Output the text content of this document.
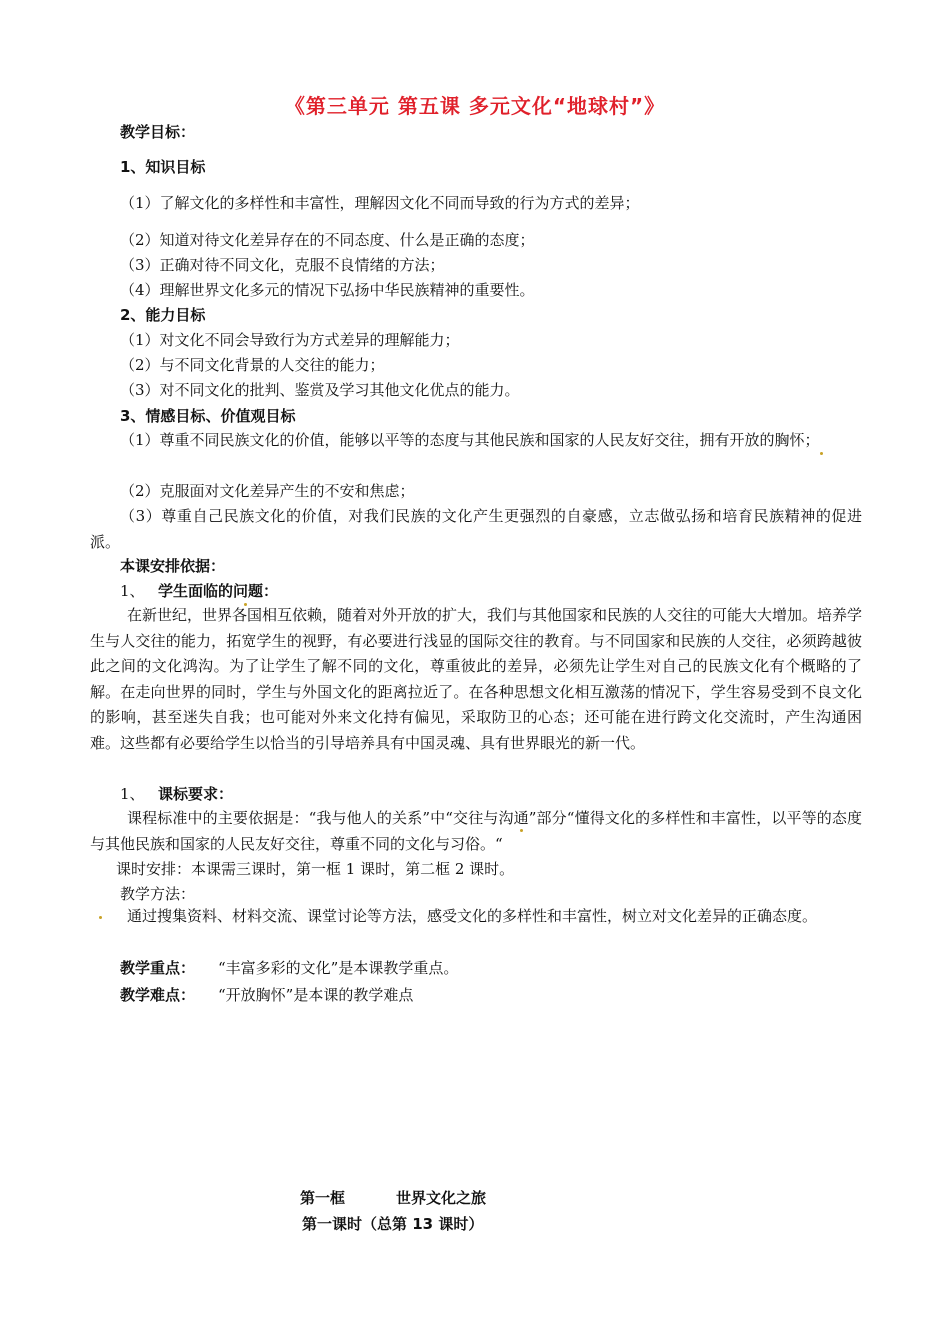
《第三单元 第五课 多元文化“地球村”》
教学目标：
1、知识目标
（1）了解文化的多样性和丰富性，理解因文化不同而导致的行为方式的差异；
（2）知道对待文化差异存在的不同态度、什么是正确的态度；
（3）正确对待不同文化，克服不良情绪的方法；
（4）理解世界文化多元的情况下弘扬中华民族精神的重要性。
2、能力目标
（1）对文化不同会导致行为方式差异的理解能力；
（2）与不同文化背景的人交往的能力；
（3）对不同文化的批判、鉴赏及学习其他文化优点的能力。
3、情感目标、价值观目标
（1）尊重不同民族文化的价值，能够以平等的态度与其他民族和国家的人民友好交往，拥有开放的胸怀；
（2）克服面对文化差异产生的不安和焦虑；
（3）尊重自己民族文化的价值，对我们民族的文化产生更强烈的自豪感，立志做弘扬和培育民族精神的促进派。
本课安排依据：
1、 学生面临的问题：
在新世纪，世界各国相互依赖，随着对外开放的扩大，我们与其他国家和民族的人交往的可能大大增加。培养学生与人交往的能力，拓宽学生的视野，有必要进行浅显的国际交往的教育。与不同国家和民族的人交往，必须跨越彼此之间的文化鸿沟。为了让学生了解不同的文化，尊重彼此的差异，必须先让学生对自己的民族文化有个概略的了解。在走向世界的同时，学生与外国文化的距离拉近了。在各种思想文化相互激荡的情况下，学生容易受到不良文化的影响，甚至迷失自我；也可能对外来文化持有偏见，采取防卫的心态；还可能在进行跨文化交流时，产生沟通困难。这些都有必要给学生以恰当的引导培养具有中国灵魂、具有世界眼光的新一代。
1、 课标要求：
课程标准中的主要依据是：“我与他人的关系”中“交往与沟通”部分“懂得文化的多样性和丰富性，以平等的态度与其他民族和国家的人民友好交往，尊重不同的文化与习俗。“
课时安排：本课需三课时，第一框 1 课时，第二框 2 课时。
教学方法：
通过搜集资料、材料交流、课堂讨论等方法，感受文化的多样性和丰富性，树立对文化差异的正确态度。
教学重点： “丰富多彩的文化”是本课教学重点。
教学难点： “开放胸怀”是本课的教学难点
第一框	世界文化之旅
第一课时（总第 13 课时）
